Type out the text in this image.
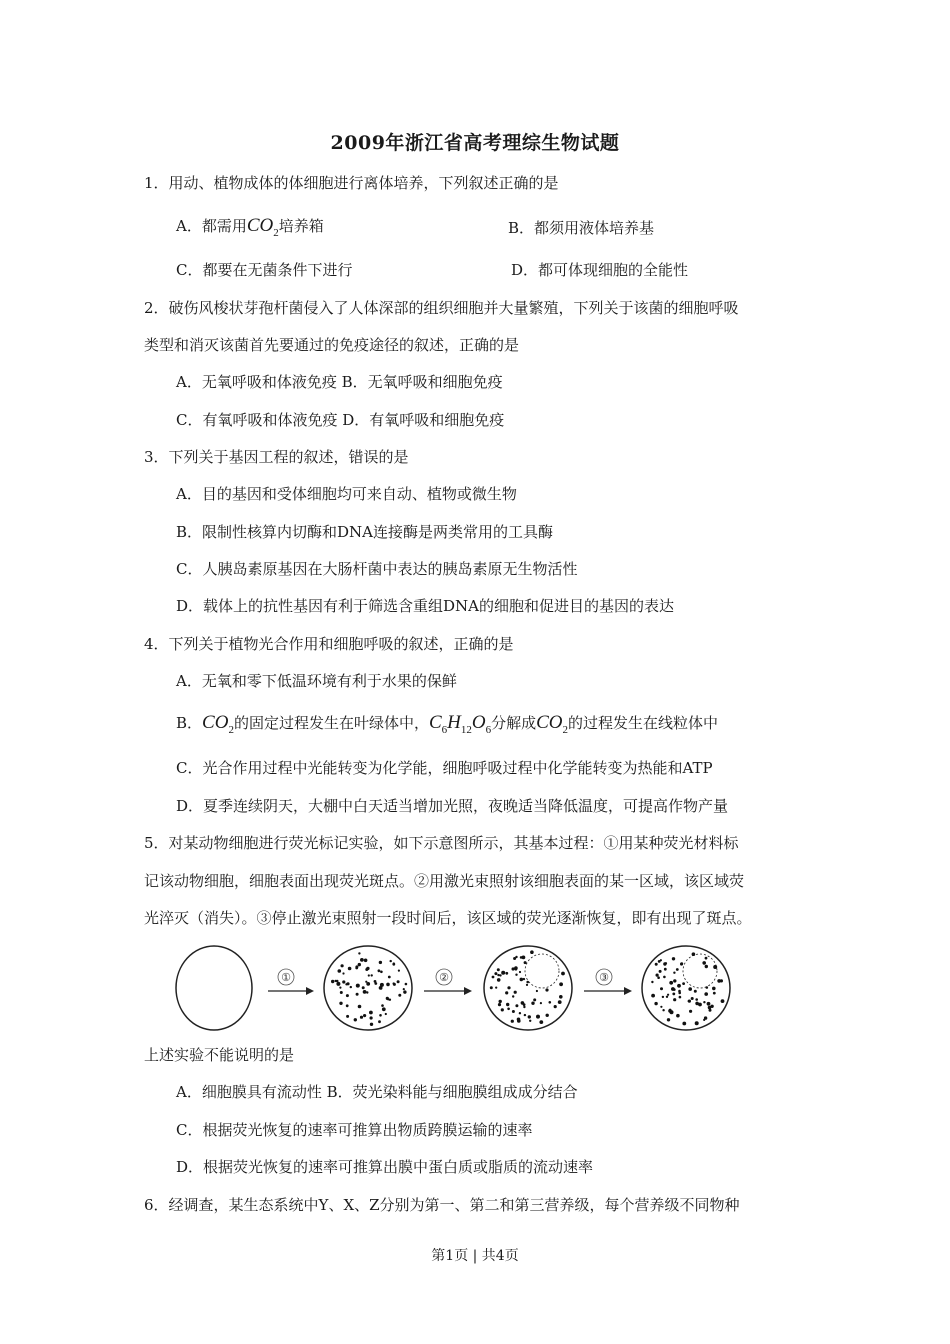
2009年浙江省高考理综生物试题
1．用动、植物成体的体细胞进行离体培养，下列叙述正确的是
A．都需用$CO_2$培养箱	B．都须用液体培养基
C．都要在无菌条件下进行	D．都可体现细胞的全能性
2．破伤风梭状芽孢杆菌侵入了人体深部的组织细胞并大量繁殖，下列关于该菌的细胞呼吸
类型和消灭该菌首先要通过的免疫途径的叙述，正确的是
A．无氧呼吸和体液免疫 B．无氧呼吸和细胞免疫
C．有氧呼吸和体液免疫 D．有氧呼吸和细胞免疫
3．下列关于基因工程的叙述，错误的是
A．目的基因和受体细胞均可来自动、植物或微生物
B．限制性核算内切酶和DNA连接酶是两类常用的工具酶
C．人胰岛素原基因在大肠杆菌中表达的胰岛素原无生物活性
D．载体上的抗性基因有利于筛选含重组DNA的细胞和促进目的基因的表达
4．下列关于植物光合作用和细胞呼吸的叙述，正确的是
A．无氧和零下低温环境有利于水果的保鲜
B．$CO_2$的固定过程发生在叶绿体中，$C_6H_{12}O_6$分解成$CO_2$的过程发生在线粒体中
C．光合作用过程中光能转变为化学能，细胞呼吸过程中化学能转变为热能和ATP
D．夏季连续阴天，大棚中白天适当增加光照，夜晚适当降低温度，可提高作物产量
5．对某动物细胞进行荧光标记实验，如下示意图所示，其基本过程：①用某种荧光材料标
记该动物细胞，细胞表面出现荧光斑点。②用激光束照射该细胞表面的某一区域，该区域荧
光淬灭（消失）。③停止激光束照射一段时间后，该区域的荧光逐渐恢复，即有出现了斑点。
①	②	③
上述实验不能说明的是
A．细胞膜具有流动性 B．荧光染料能与细胞膜组成成分结合
C．根据荧光恢复的速率可推算出物质跨膜运输的速率
D．根据荧光恢复的速率可推算出膜中蛋白质或脂质的流动速率
6．经调查，某生态系统中Y、X、Z分别为第一、第二和第三营养级，每个营养级不同物种
第1页 | 共4页
